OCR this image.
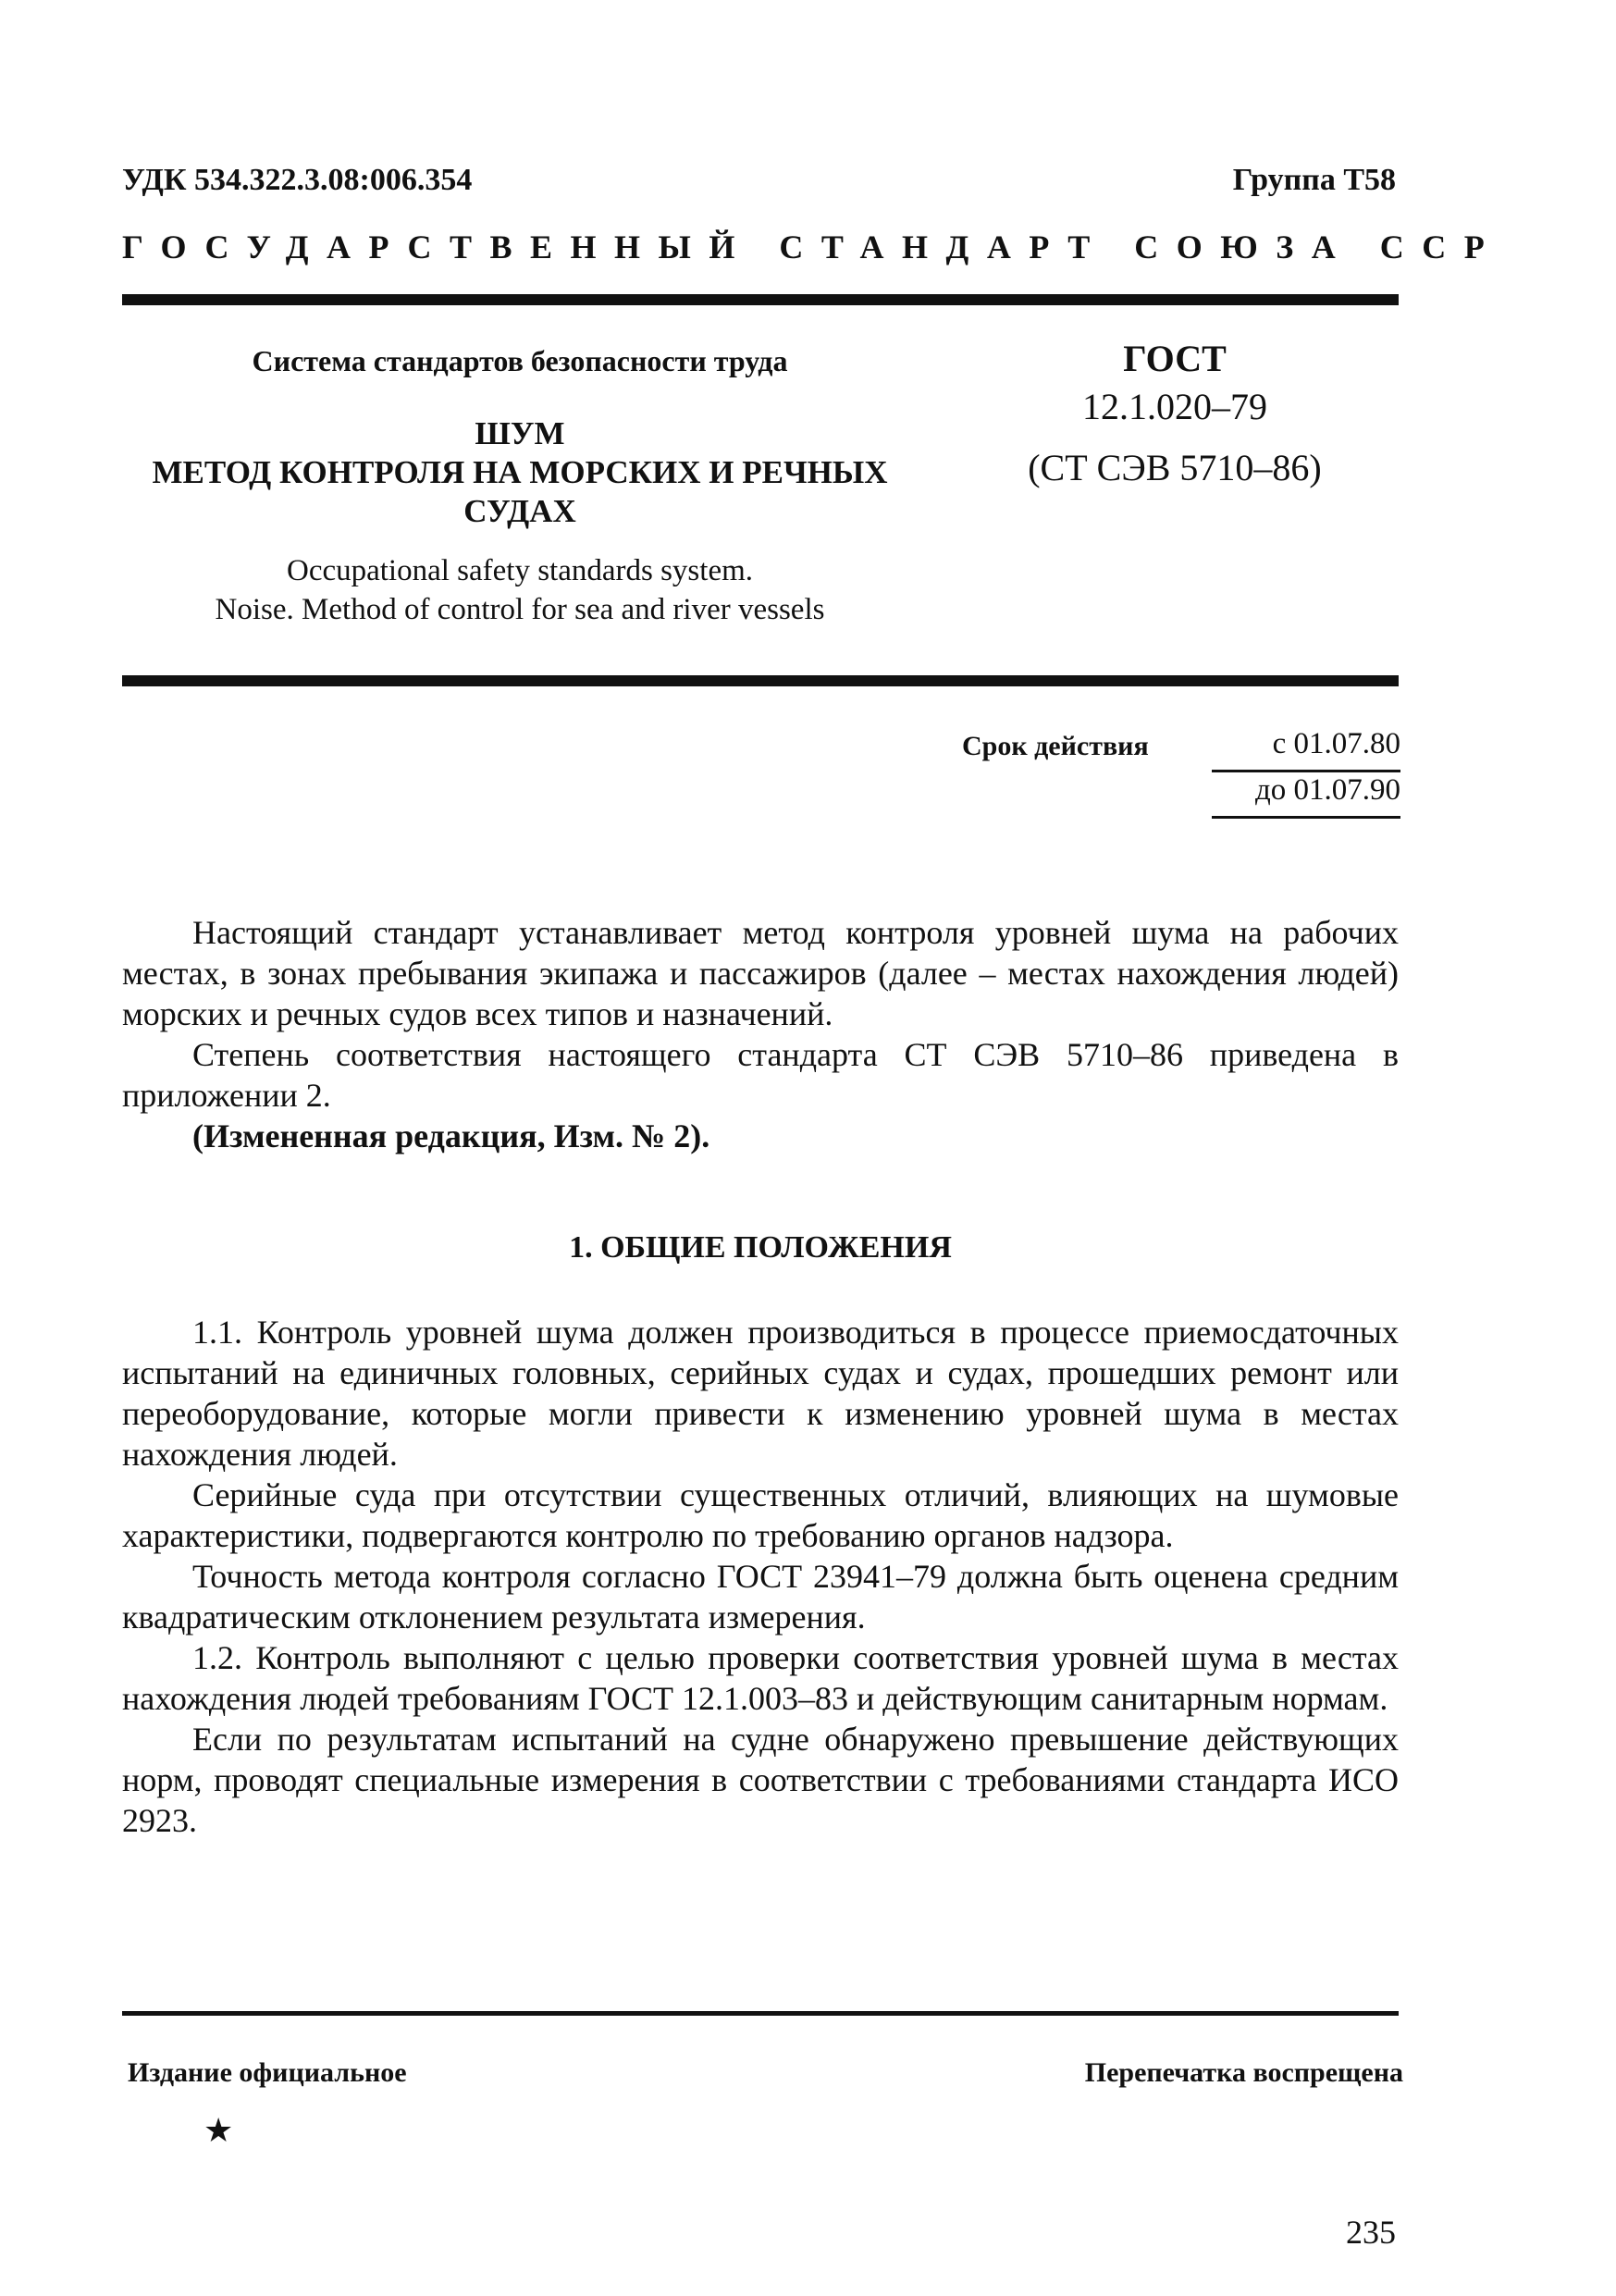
УДК 534.322.3.08:006.354	Группа Т58
ГОСУДАРСТВЕННЫЙ СТАНДАРТ СОЮЗА ССР
Система стандартов безопасности труда
ШУМ
МЕТОД КОНТРОЛЯ НА МОРСКИХ И РЕЧНЫХ
СУДАХ
Occupational safety standards system.
Noise. Method of control for sea and river vessels
ГОСТ
12.1.020–79
(СТ СЭВ 5710–86)
Срок действия	с 01.07.80
до 01.07.90

Настоящий стандарт устанавливает метод контроля уровней шума на рабочих местах, в зонах пребывания экипажа и пассажиров (далее – местах нахождения людей) морских и речных судов всех типов и назначений.

Степень соответствия настоящего стандарта СТ СЭВ 5710–86 приведена в приложении 2.

(Измененная редакция, Изм. № 2).

1. ОБЩИЕ ПОЛОЖЕНИЯ

1.1. Контроль уровней шума должен производиться в процессе приемосдаточных испытаний на единичных головных, серийных судах и судах, прошедших ремонт или переоборудование, которые могли привести к изменению уровней шума в местах нахождения людей.

Серийные суда при отсутствии существенных отличий, влияющих на шумовые характеристики, подвергаются контролю по требованию органов надзора.

Точность метода контроля согласно ГОСТ 23941–79 должна быть оценена средним квадратическим отклонением результата измерения.

1.2. Контроль выполняют с целью проверки соответствия уровней шума в местах нахождения людей требованиям ГОСТ 12.1.003–83 и действующим санитарным нормам.

Если по результатам испытаний на судне обнаружено превышение действующих норм, проводят специальные измерения в соответствии с требованиями стандарта ИСО 2923.

Издание официальное	Перепечатка воспрещена
★
235
